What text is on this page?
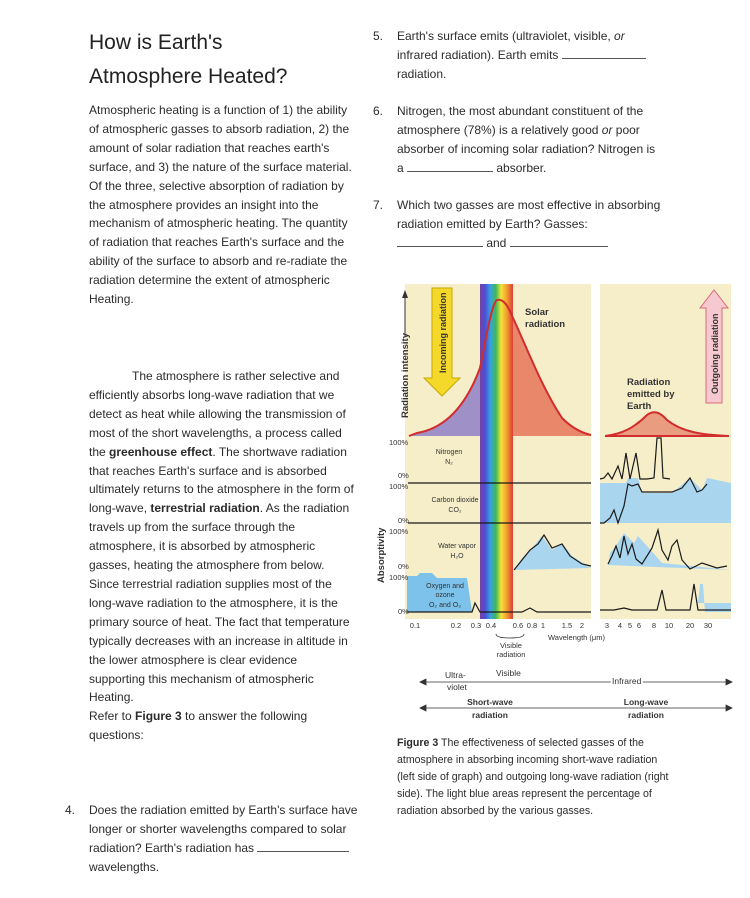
How is Earth's
Atmosphere Heated?
Atmospheric heating is a function of 1) the ability of atmospheric gasses to absorb radiation, 2) the amount of solar radiation that reaches earth's surface, and 3) the nature of the surface material. Of the three, selective absorption of radiation by the atmosphere provides an insight into the mechanism of atmospheric heating. The quantity of radiation that reaches Earth's surface and the ability of the surface to absorb and re-radiate the radiation determine the extent of atmospheric Heating.
The atmosphere is rather selective and efficiently absorbs long-wave radiation that we detect as heat while allowing the transmission of most of the short wavelengths, a process called the greenhouse effect. The shortwave radiation that reaches Earth's surface and is absorbed ultimately returns to the atmosphere in the form of long-wave, terrestrial radiation. As the radiation travels up from the surface through the atmosphere, it is absorbed by atmospheric gasses, heating the atmosphere from below. Since terrestrial radiation supplies most of the long-wave radiation to the atmosphere, it is the primary source of heat. The fact that temperature typically decreases with an increase in altitude in the lower atmosphere is clear evidence supporting this mechanism of atmospheric Heating.
Refer to Figure 3 to answer the following questions:
4. Does the radiation emitted by Earth's surface have longer or shorter wavelengths compared to solar radiation? Earth's radiation has  wavelengths.
5. Earth's surface emits (ultraviolet, visible, or infrared radiation). Earth emits  radiation.
6. Nitrogen, the most abundant constituent of the atmosphere (78%) is a relatively good or poor absorber of incoming solar radiation? Nitrogen is a	absorber.
7. Which two gasses are most effective in absorbing radiation emitted by Earth? Gasses:  and
Incoming radiation	Outgoing radiation
Radiation intensity
Absorptivity
Solar
radiation
Radiation
emitted by
Earth
100%
0%
100%
0%
100%
0%
100%
0%
Nitrogen
N₂
Carbon dioxide
CO₂
Water vapor
H₂O
Oxygen and
ozone
O₂ and O₃
0.1	0.2 0.3 0.4 0.6 0.8 1 1.5 2	3 4 5 6 8 10 20 30
Wavelength (μm)
Visible
radiation
Ultra-
violet
Visible
Infrared
Short-wave
radiation
Long-wave
radiation
Figure 3 The effectiveness of selected gasses of the atmosphere in absorbing incoming short-wave radiation (left side of graph) and outgoing long-wave radiation (right side). The light blue areas represent the percentage of radiation absorbed by the various gasses.
